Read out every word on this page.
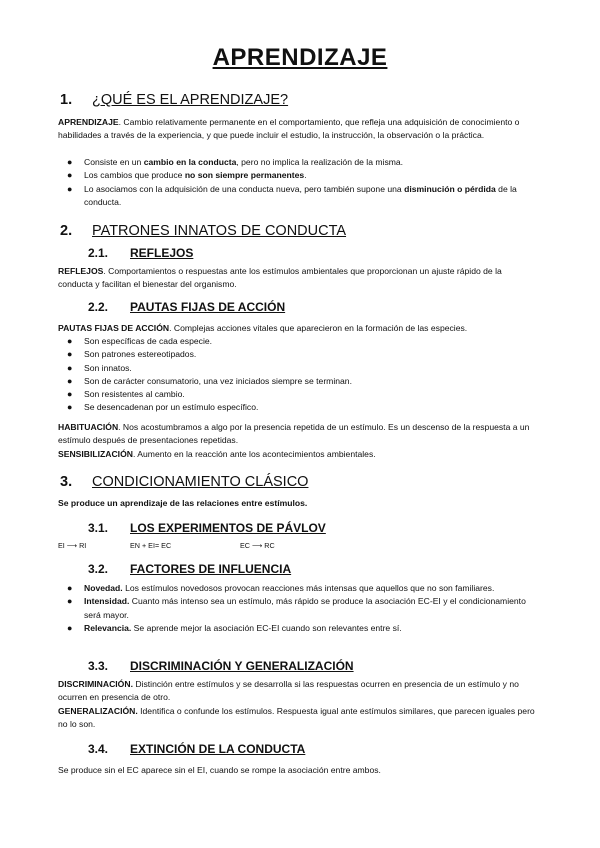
APRENDIZAJE
1. ¿QUÉ ES EL APRENDIZAJE?
APRENDIZAJE. Cambio relativamente permanente en el comportamiento, que refleja una adquisición de conocimiento o habilidades a través de la experiencia, y que puede incluir el estudio, la instrucción, la observación o la práctica.
● Consiste en un cambio en la conducta, pero no implica la realización de la misma.
● Los cambios que produce no son siempre permanentes.
● Lo asociamos con la adquisición de una conducta nueva, pero también supone una disminución o pérdida de la conducta.
2. PATRONES INNATOS DE CONDUCTA
2.1. REFLEJOS
REFLEJOS. Comportamientos o respuestas ante los estímulos ambientales que proporcionan un ajuste rápido de la conducta y facilitan el bienestar del organismo.
2.2. PAUTAS FIJAS DE ACCIÓN
PAUTAS FIJAS DE ACCIÓN. Complejas acciones vitales que aparecieron en la formación de las especies.
● Son específicas de cada especie.
● Son patrones estereotipados.
● Son innatos.
● Son de carácter consumatorio, una vez iniciados siempre se terminan.
● Son resistentes al cambio.
● Se desencadenan por un estímulo específico.
HABITUACIÓN. Nos acostumbramos a algo por la presencia repetida de un estímulo. Es un descenso de la respuesta a un estímulo después de presentaciones repetidas.
SENSIBILIZACIÓN. Aumento en la reacción ante los acontecimientos ambientales.
3. CONDICIONAMIENTO CLÁSICO
Se produce un aprendizaje de las relaciones entre estímulos.
3.1. LOS EXPERIMENTOS DE PÁVLOV
EI ⟶ RI	EN + EI= EC	EC ⟶ RC
3.2. FACTORES DE INFLUENCIA
● Novedad. Los estímulos novedosos provocan reacciones más intensas que aquellos que no son familiares.
● Intensidad. Cuanto más intenso sea un estímulo, más rápido se produce la asociación EC-EI y el condicionamiento será mayor.
● Relevancia. Se aprende mejor la asociación EC-EI cuando son relevantes entre sí.
3.3. DISCRIMINACIÓN Y GENERALIZACIÓN
DISCRIMINACIÓN. Distinción entre estímulos y se desarrolla si las respuestas ocurren en presencia de un estímulo y no ocurren en presencia de otro.
GENERALIZACIÓN. Identifica o confunde los estímulos. Respuesta igual ante estímulos similares, que parecen iguales pero no lo son.
3.4. EXTINCIÓN DE LA CONDUCTA
Se produce sin el EC aparece sin el EI, cuando se rompe la asociación entre ambos.
